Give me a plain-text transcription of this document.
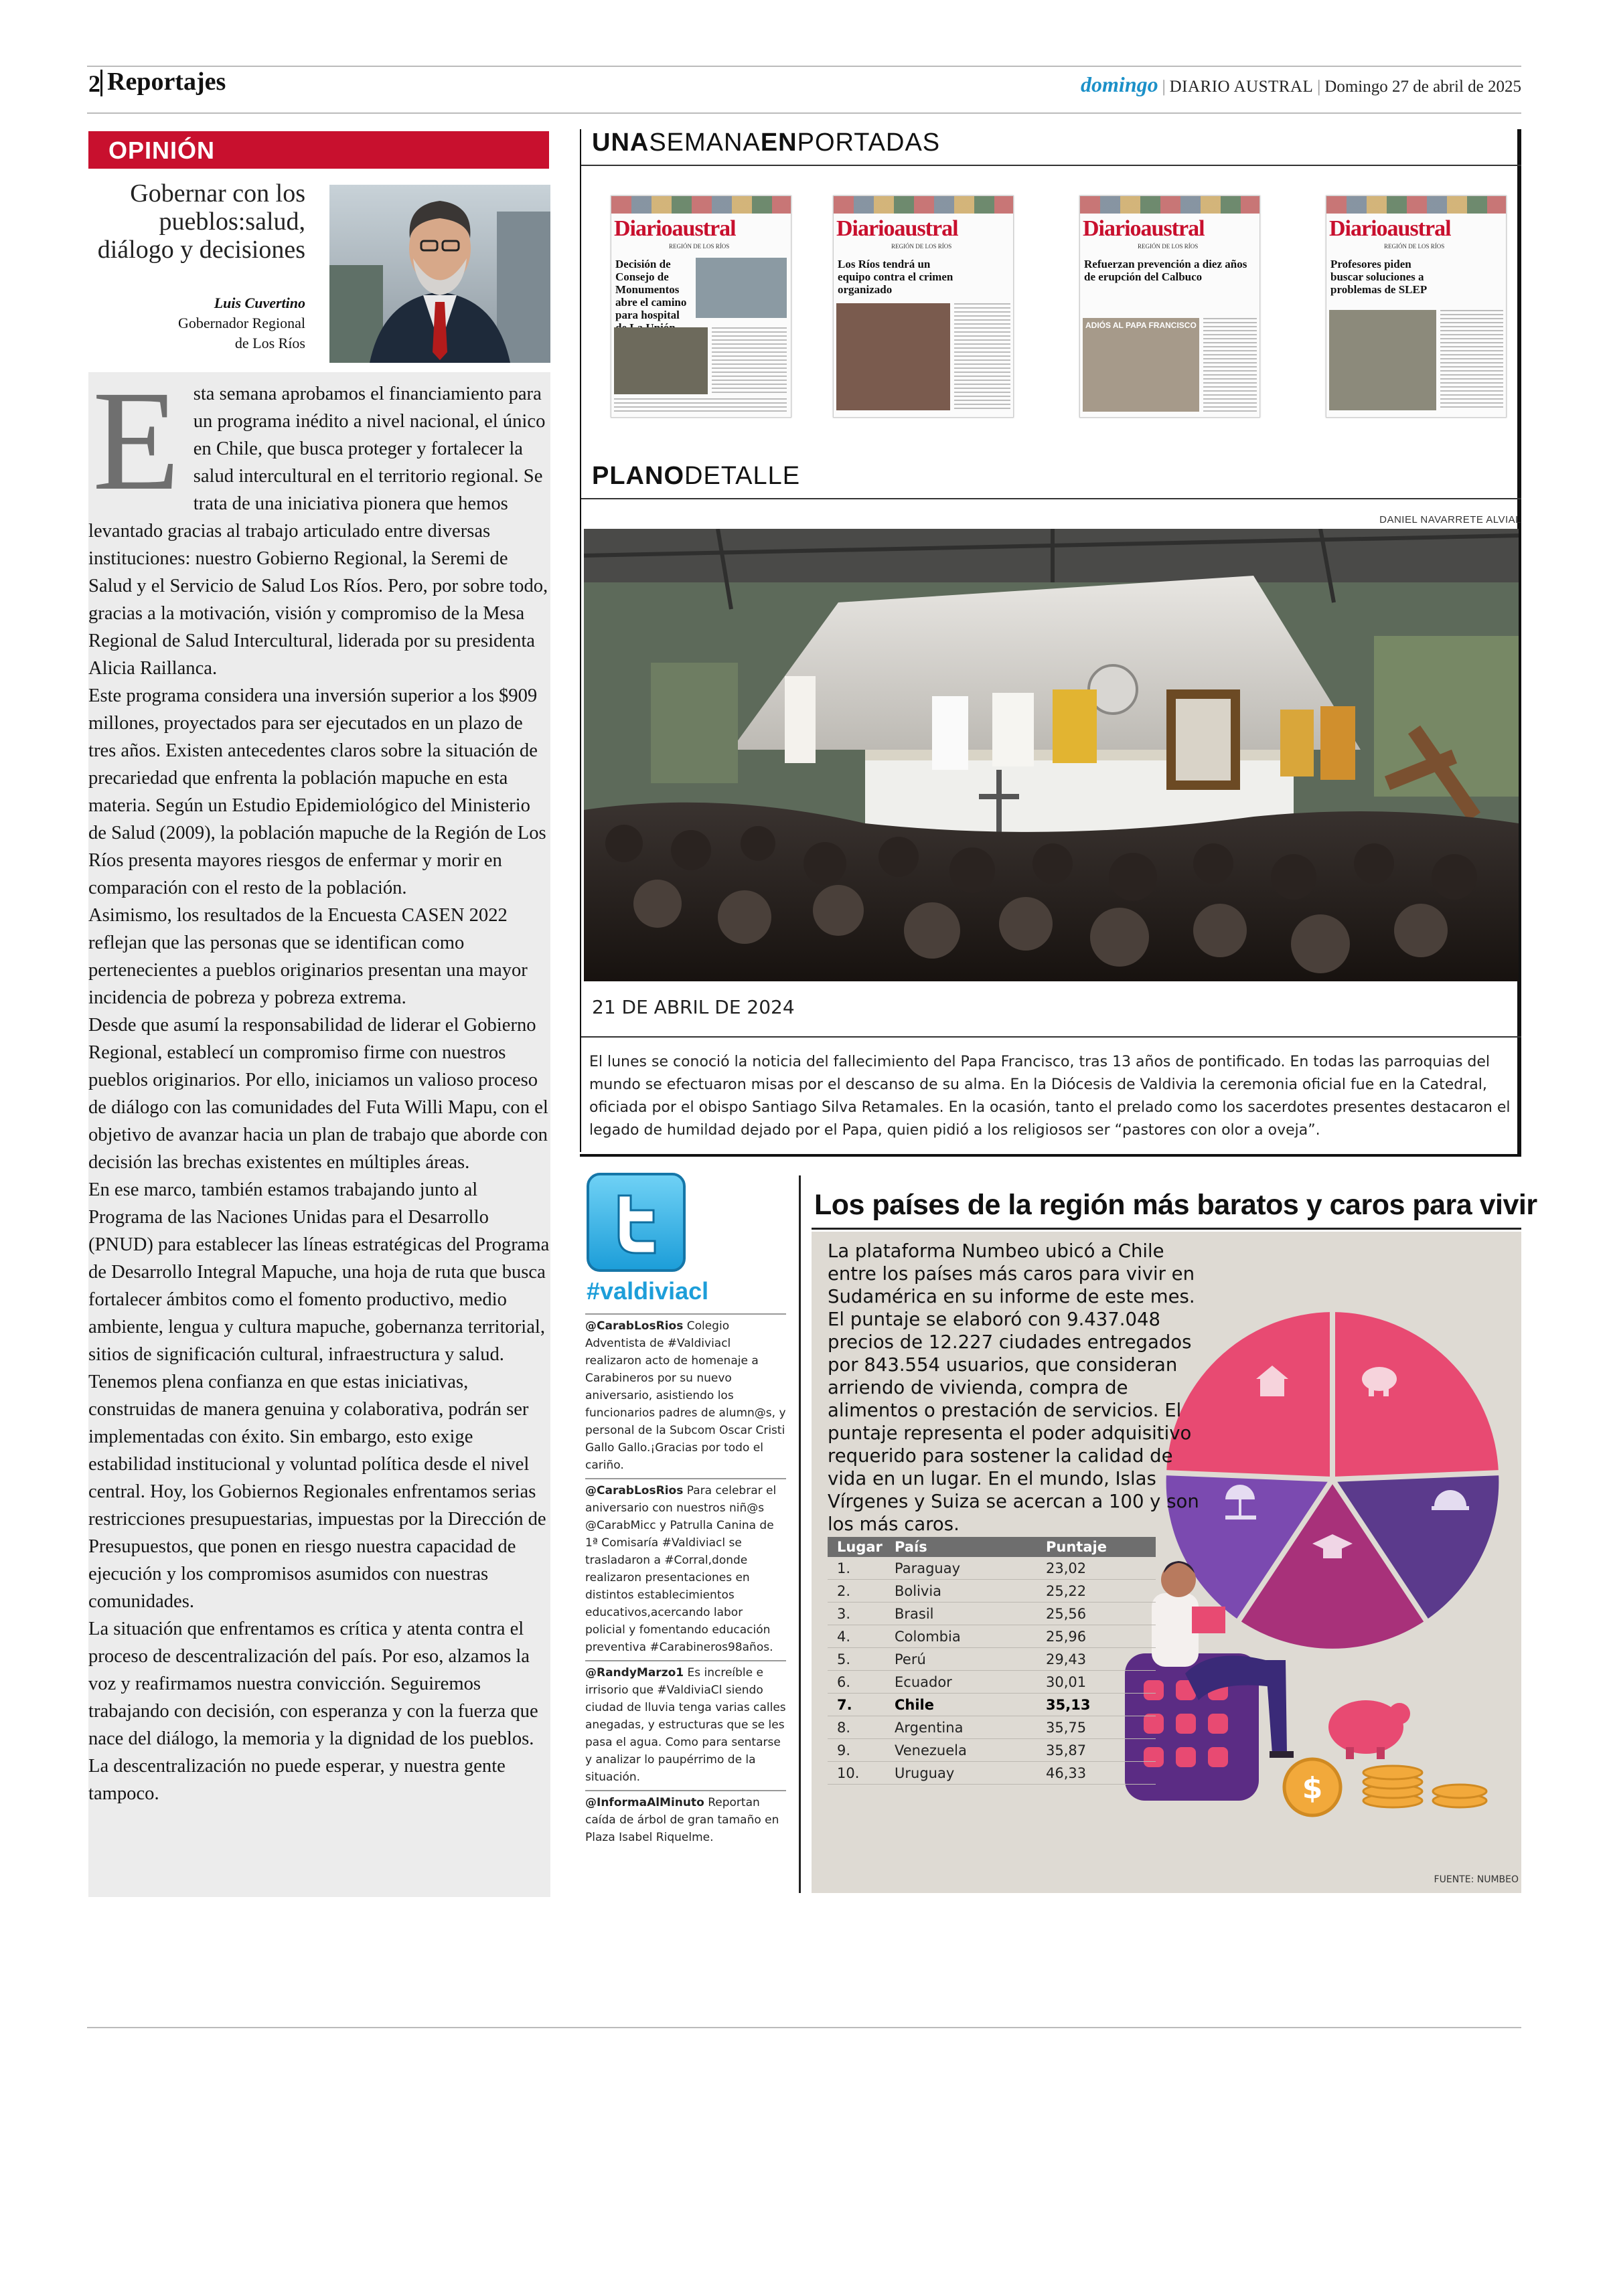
2 Reportajes	domingo | DIARIO AUSTRAL | Domingo 27 de abril de 2025
OPINIÓN
Gobernar con los
pueblos:salud,
diálogo y decisiones
Luis Cuvertino
Gobernador Regional
de Los Ríos

Esta semana aprobamos el financiamiento para un programa inédito a nivel nacional, el único en Chile, que busca proteger y fortalecer la salud intercultural en el territorio regional. Se trata de una iniciativa pionera que hemos levantado gracias al trabajo articulado entre diversas instituciones: nuestro Gobierno Regional, la Seremi de Salud y el Servicio de Salud Los Ríos. Pero, por sobre todo, gracias a la motivación, visión y compromiso de la Mesa Regional de Salud Intercultural, liderada por su presidenta Alicia Raillanca.

Este programa considera una inversión superior a los $909 millones, proyectados para ser ejecutados en un plazo de tres años. Existen antecedentes claros sobre la situación de precariedad que enfrenta la población mapuche en esta materia. Según un Estudio Epidemiológico del Ministerio de Salud (2009), la población mapuche de la Región de Los Ríos presenta mayores riesgos de enfermar y morir en comparación con el resto de la población.

Asimismo, los resultados de la Encuesta CASEN 2022 reflejan que las personas que se identifican como pertenecientes a pueblos originarios presentan una mayor incidencia de pobreza y pobreza extrema.

Desde que asumí la responsabilidad de liderar el Gobierno Regional, establecí un compromiso firme con nuestros pueblos originarios. Por ello, iniciamos un valioso proceso de diálogo con las comunidades del Futa Willi Mapu, con el objetivo de avanzar hacia un plan de trabajo que aborde con decisión las brechas existentes en múltiples áreas.

En ese marco, también estamos trabajando junto al Programa de las Naciones Unidas para el Desarrollo (PNUD) para establecer las líneas estratégicas del Programa de Desarrollo Integral Mapuche, una hoja de ruta que busca fortalecer ámbitos como el fomento productivo, medio ambiente, lengua y cultura mapuche, gobernanza territorial, sitios de significación cultural, infraestructura y salud.

Tenemos plena confianza en que estas iniciativas, construidas de manera genuina y colaborativa, podrán ser implementadas con éxito. Sin embargo, esto exige estabilidad institucional y voluntad política desde el nivel central. Hoy, los Gobiernos Regionales enfrentamos serias restricciones presupuestarias, impuestas por la Dirección de Presupuestos, que ponen en riesgo nuestra capacidad de ejecución y los compromisos asumidos con nuestras comunidades.

La situación que enfrentamos es crítica y atenta contra el proceso de descentralización del país. Por eso, alzamos la voz y reafirmamos nuestra convicción. Seguiremos trabajando con decisión, con esperanza y con la fuerza que nace del diálogo, la memoria y la dignidad de los pueblos. La descentralización no puede esperar, y nuestra gente tampoco.

UNASEMANAENPORTADAS
Diarioaustral
REGIÓN DE LOS RÍOS
Decisión de Consejo de Monumentos abre el camino para hospital
Diarioaustral
REGIÓN DE LOS RÍOS
Los Ríos tendrá un equipo contra el crimen organizado
Diarioaustral
REGIÓN DE LOS RÍOS
Refuerzan prevención a diez años de erupción del Calbuco
ADIÓS AL PAPA FRANCISCO
Diarioaustral
REGIÓN DE LOS RÍOS
Profesores piden buscar soluciones a problemas de SLEP
PLANODETALLE
DANIEL NAVARRETE ALVIAL
21 DE ABRIL DE 2024
El lunes se conoció la noticia del fallecimiento del Papa Francisco, tras 13 años de pontificado. En todas las parroquias del mundo se efectuaron misas por el descanso de su alma. En la Diócesis de Valdivia la ceremonia oficial fue en la Catedral, oficiada por el obispo Santiago Silva Retamales. En la ocasión, tanto el prelado como los sacerdotes presentes destacaron el legado de humildad dejado por el Papa, quien pidió a los religiosos ser “pastores con olor a oveja”.
#valdiviacl
@CarabLosRios Colegio Adventista de #Valdiviacl realizaron acto de homenaje a Carabineros por su nuevo aniversario, asistiendo los funcionarios padres de alumn@s, y personal de la Subcom Oscar Cristi Gallo Gallo.¡Gracias por todo el cariño.
@CarabLosRios Para celebrar el aniversario con nuestros niñ@s @CarabMicc y Patrulla Canina de 1ª Comisaría #Valdiviacl se trasladaron a #Corral,donde realizaron presentaciones en distintos establecimientos educativos,acercando labor policial y fomentando educación preventiva #Carabineros98años.
@RandyMarzo1 Es increíble e irrisorio que #ValdiviaCl siendo ciudad de lluvia tenga varias calles anegadas, y estructuras que se les pasa el agua. Como para sentarse y analizar lo paupérrimo de la situación.
@InformaAlMinuto Reportan caída de árbol de gran tamaño en Plaza Isabel Riquelme.
Los países de la región más baratos y caros para vivir
$
La plataforma Numbeo ubicó a Chile entre los países más caros para vivir en Sudamérica en su informe de este mes. El puntaje se elaboró con 9.437.048 precios de 12.227 ciudades entregados por 843.554 usuarios, que consideran arriendo de vivienda, compra de alimentos o prestación de servicios. El puntaje representa el poder adquisitivo requerido para sostener la calidad de vida en un lugar. En el mundo, Islas Vírgenes y Suiza se acercan a 100 y son los más caros.
Lugar	País	Puntaje
1.	Paraguay	23,02
2.	Bolivia	25,22
3.	Brasil	25,56
4.	Colombia	25,96
5.	Perú	29,43
6.	Ecuador	30,01
7.	Chile	35,13
8.	Argentina	35,75
9.	Venezuela	35,87
10.	Uruguay	46,33
FUENTE: NUMBEO
